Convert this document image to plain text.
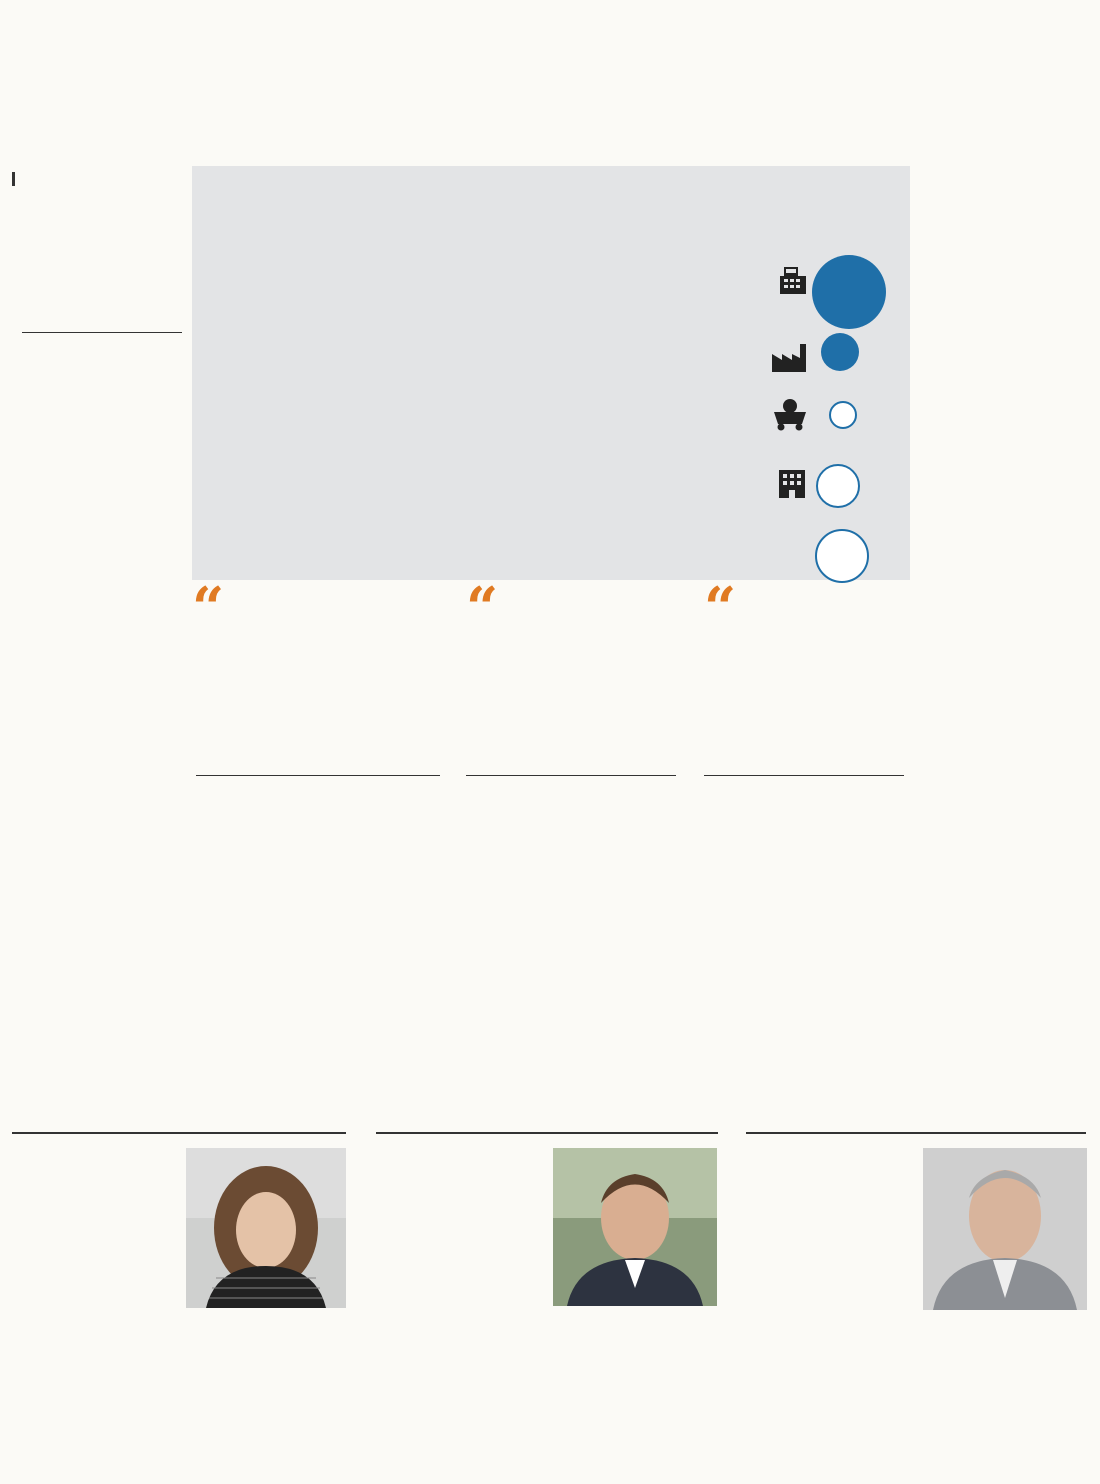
“	“	“
